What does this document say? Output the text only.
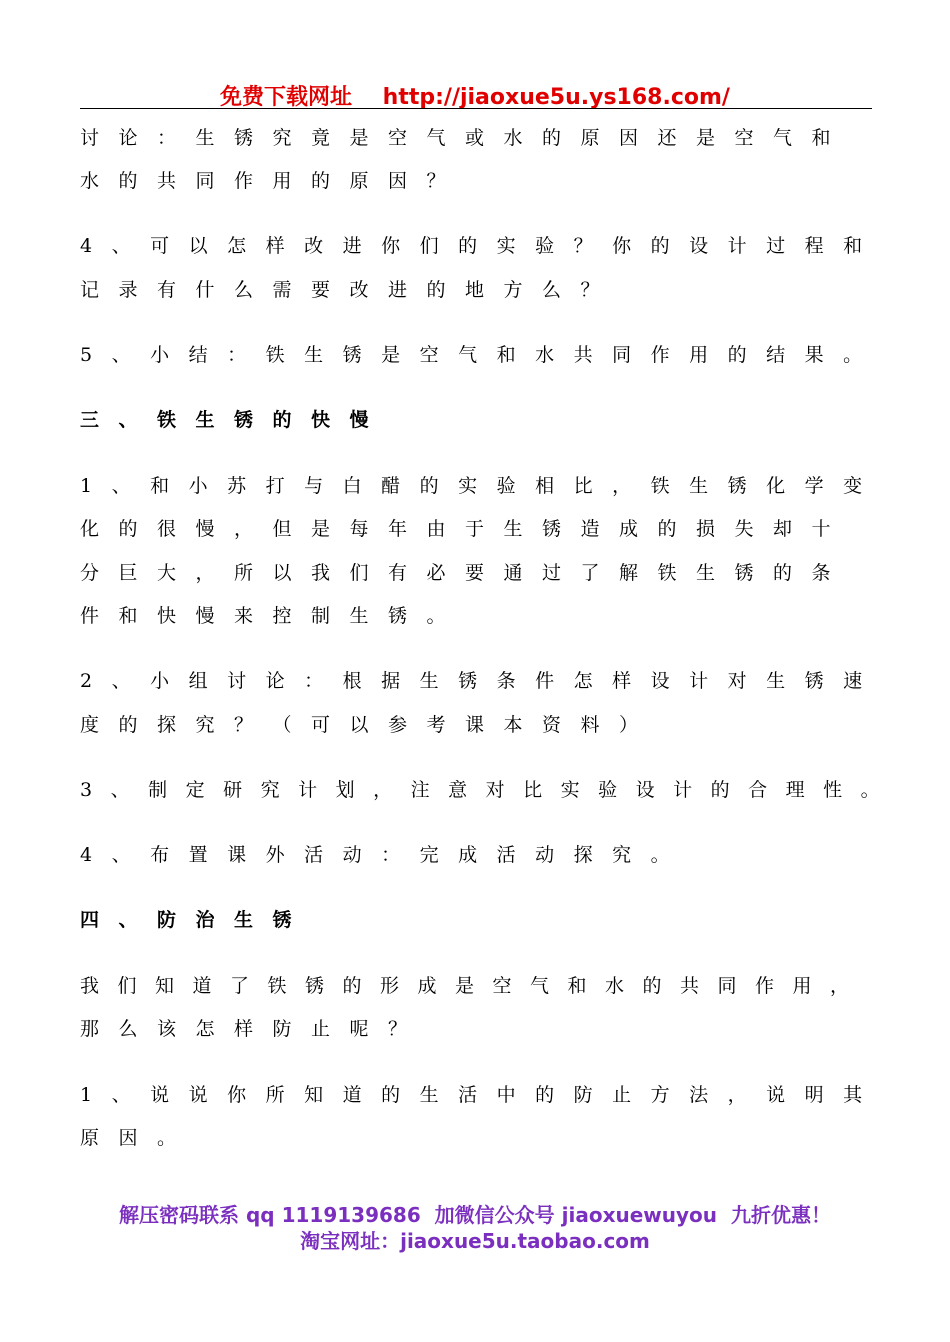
免费下载网址    http://jiaoxue5u.ys168.com/
讨论：生锈究竟是空气或水的原因还是空气和
水的共同作用的原因？
4、可以怎样改进你们的实验？你的设计过程和
记录有什么需要改进的地方么？
5、小结：铁生锈是空气和水共同作用的结果。
三、铁生锈的快慢
1、和小苏打与白醋的实验相比，铁生锈化学变
化的很慢，但是每年由于生锈造成的损失却十
分巨大，所以我们有必要通过了解铁生锈的条
件和快慢来控制生锈。
2、小组讨论：根据生锈条件怎样设计对生锈速
度的探究？（可以参考课本资料）
3、制定研究计划，注意对比实验设计的合理性。
4、布置课外活动：完成活动探究。
四、防治生锈
我们知道了铁锈的形成是空气和水的共同作用，
那么该怎样防止呢？
1、说说你所知道的生活中的防止方法，说明其
原因。
解压密码联系 qq 1119139686  加微信公众号 jiaoxuewuyou  九折优惠！
淘宝网址：jiaoxue5u.taobao.com
